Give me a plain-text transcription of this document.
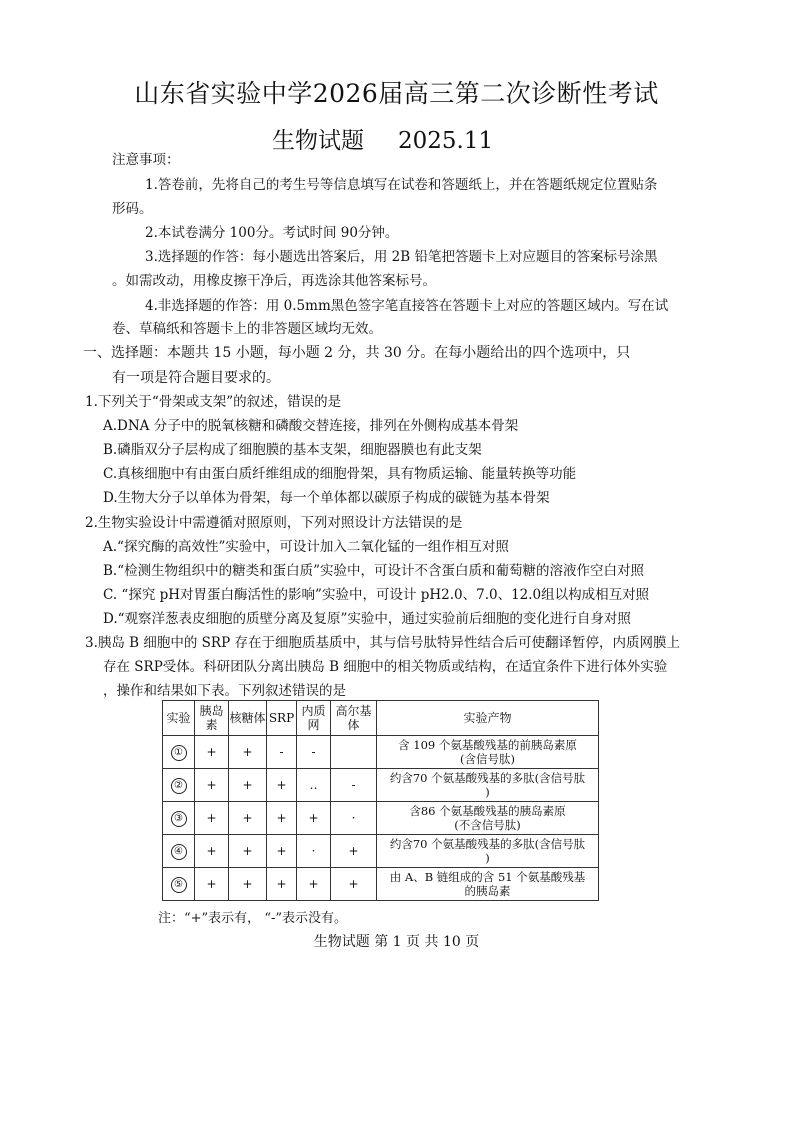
山东省实验中学2026届高三第二次诊断性考试
生物试题 2025.11
注意事项：
1.答卷前，先将自己的考生号等信息填写在试卷和答题纸上，并在答题纸规定位置贴条
形码。
2.本试卷满分 100分。考试时间 90分钟。
3.选择题的作答：每小题选出答案后，用 2B 铅笔把答题卡上对应题目的答案标号涂黑
。如需改动，用橡皮擦干净后，再选涂其他答案标号。
4.非选择题的作答：用 0.5mm黑色签字笔直接答在答题卡上对应的答题区域内。写在试
卷、草稿纸和答题卡上的非答题区域均无效。
一、选择题：本题共 15 小题，每小题 2 分，共 30 分。在每小题给出的四个选项中，只
有一项是符合题目要求的。
1.下列关于“骨架或支架”的叙述，错误的是
A.DNA 分子中的脱氧核糖和磷酸交替连接，排列在外侧构成基本骨架
B.磷脂双分子层构成了细胞膜的基本支架，细胞器膜也有此支架
C.真核细胞中有由蛋白质纤维组成的细胞骨架，具有物质运输、能量转换等功能
D.生物大分子以单体为骨架，每一个单体都以碳原子构成的碳链为基本骨架
2.生物实验设计中需遵循对照原则，下列对照设计方法错误的是
A.“探究酶的高效性”实验中，可设计加入二氧化锰的一组作相互对照
B.“检测生物组织中的糖类和蛋白质”实验中，可设计不含蛋白质和葡萄糖的溶液作空白对照
C. “探究 pH对胃蛋白酶活性的影响”实验中，可设计 pH2.0、7.0、12.0组以构成相互对照
D.“观察洋葱表皮细胞的质壁分离及复原”实验中，通过实验前后细胞的变化进行自身对照
3.胰岛 B 细胞中的 SRP 存在于细胞质基质中，其与信号肽特异性结合后可使翻译暂停，内质网膜上
存在 SRP受体。科研团队分离出胰岛 B 细胞中的相关物质或结构，在适宜条件下进行体外实验
，操作和结果如下表。下列叙述错误的是
实验	胰岛素	核糖体	SRP	内质网	高尔基体	实验产物
①	+	+	-	-		含 109 个氨基酸残基的前胰岛素原
(含信号肽)

②	+	+	+	‥	-	约含70 个氨基酸残基的多肽(含信号肽
)

③	+	+	+	+	·	含86 个氨基酸残基的胰岛素原
(不含信号肽)

④	+	+	+	·	+	约含70 个氨基酸残基的多肽(含信号肽
)

⑤	+	+	+	+	+	由 A、B 链组成的含 51 个氨基酸残基
的胰岛素
注：“+”表示有， “-”表示没有。
生物试题 第 1 页 共 10 页
